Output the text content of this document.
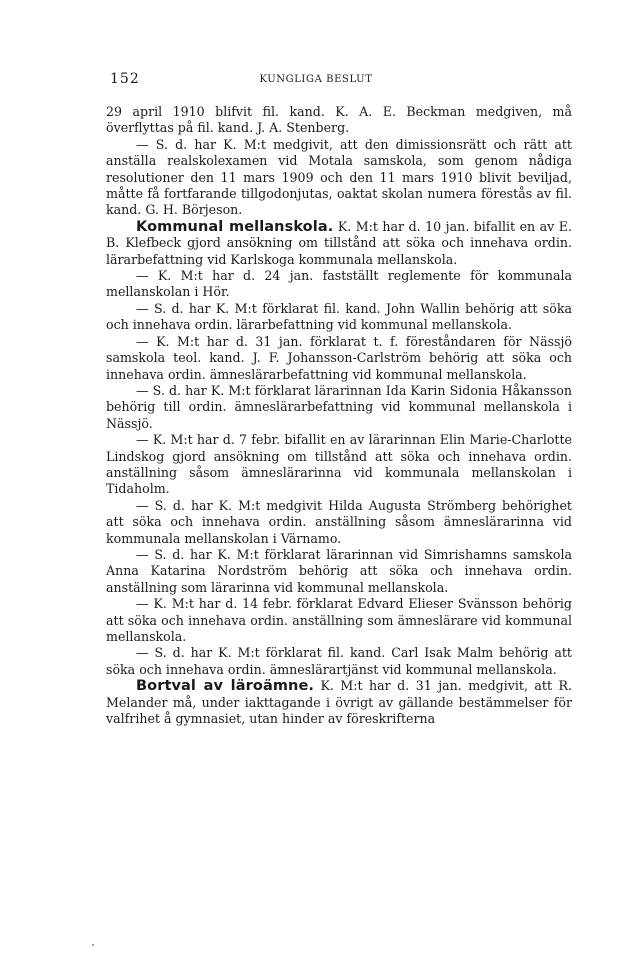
152	KUNGLIGA BESLUT

29 april 1910 blifvit fil. kand. K. A. E. Beckman medgiven, må överflyttas på fil. kand. J. A. Stenberg.

— S. d. har K. M:t medgivit, att den dimissionsrätt och rätt att anställa realskolexamen vid Motala samskola, som genom nådiga resolutioner den 11 mars 1909 och den 11 mars 1910 blivit beviljad, måtte få fortfarande tillgodonjutas, oaktat skolan numera förestås av fil. kand. G. H. Börjeson.

Kommunal mellanskola. K. M:t har d. 10 jan. bifallit en av E. B. Klefbeck gjord ansökning om tillstånd att söka och innehava ordin. lärarbefattning vid Karlskoga kommunala mellanskola.

— K. M:t har d. 24 jan. fastställt reglemente för kommunala mellanskolan i Hör.

— S. d. har K. M:t förklarat fil. kand. John Wallin behörig att söka och innehava ordin. lärarbefattning vid kommunal mellanskola.

— K. M:t har d. 31 jan. förklarat t. f. föreståndaren för Nässjö samskola teol. kand. J. F. Johansson-Carlström behörig att söka och innehava ordin. ämneslärarbefattning vid kommunal mellanskola.

— S. d. har K. M:t förklarat lärarinnan Ida Karin Sidonia Håkansson behörig till ordin. ämneslärarbefattning vid kommunal mellanskola i Nässjö.

— K. M:t har d. 7 febr. bifallit en av lärarinnan Elin Marie-Charlotte Lindskog gjord ansökning om tillstånd att söka och innehava ordin. anställning såsom ämneslärarinna vid kommunala mellanskolan i Tidaholm.

— S. d. har K. M:t medgivit Hilda Augusta Strömberg behörighet att söka och innehava ordin. anställning såsom ämneslärarinna vid kommunala mellanskolan i Värnamo.

— S. d. har K. M:t förklarat lärarinnan vid Simrishamns samskola Anna Katarina Nordström behörig att söka och innehava ordin. anställning som lärarinna vid kommunal mellanskola.

— K. M:t har d. 14 febr. förklarat Edvard Elieser Svänsson behörig att söka och innehava ordin. anställning som ämneslärare vid kommunal mellanskola.

— S. d. har K. M:t förklarat fil. kand. Carl Isak Malm behörig att söka och innehava ordin. ämneslärartjänst vid kommunal mellanskola.

Bortval av läroämne. K. M:t har d. 31 jan. medgivit, att R. Melander må, under iakttagande i övrigt av gällande bestämmelser för valfrihet å gymnasiet, utan hinder av föreskrifterna
